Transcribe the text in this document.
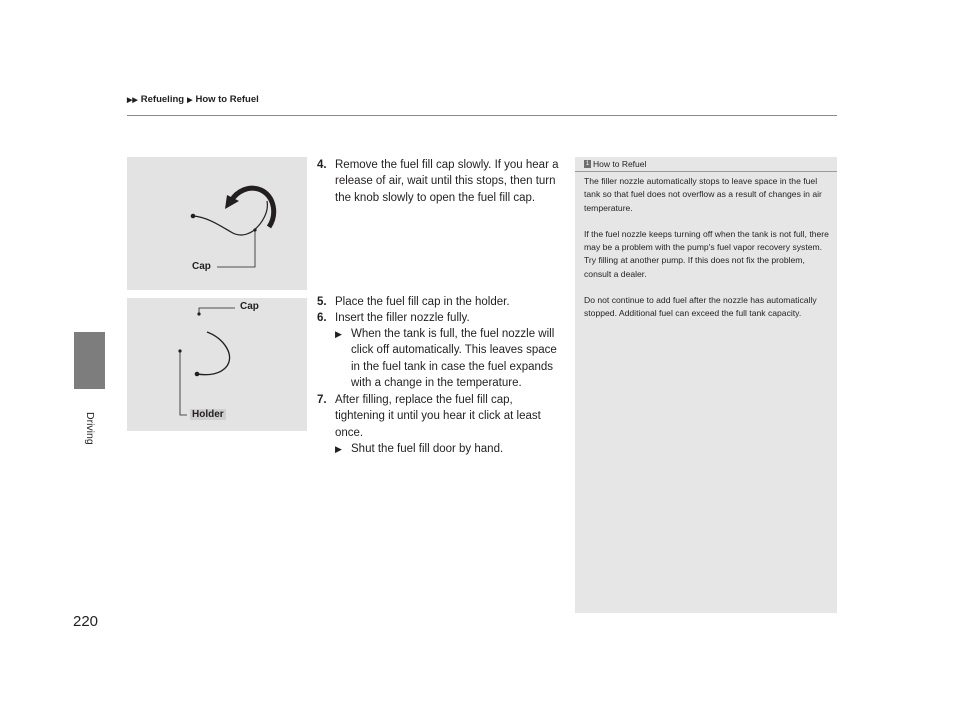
▶▶ Refueling ▶ How to Refuel
Driving
220
Cap
Cap
Holder
4. Remove the fuel fill cap slowly. If you hear a release of air, wait until this stops, then turn the knob slowly to open the fuel fill cap.
5. Place the fuel fill cap in the holder.
6. Insert the filler nozzle fully.
▶ When the tank is full, the fuel nozzle will click off automatically. This leaves space in the fuel tank in case the fuel expands with a change in the temperature.
7. After filling, replace the fuel fill cap, tightening it until you hear it click at least once.
▶ Shut the fuel fill door by hand.
1 How to Refuel

The filler nozzle automatically stops to leave space in the fuel tank so that fuel does not overflow as a result of changes in air temperature.

If the fuel nozzle keeps turning off when the tank is not full, there may be a problem with the pump's fuel vapor recovery system. Try filling at another pump. If this does not fix the problem, consult a dealer.

Do not continue to add fuel after the nozzle has automatically stopped. Additional fuel can exceed the full tank capacity.
